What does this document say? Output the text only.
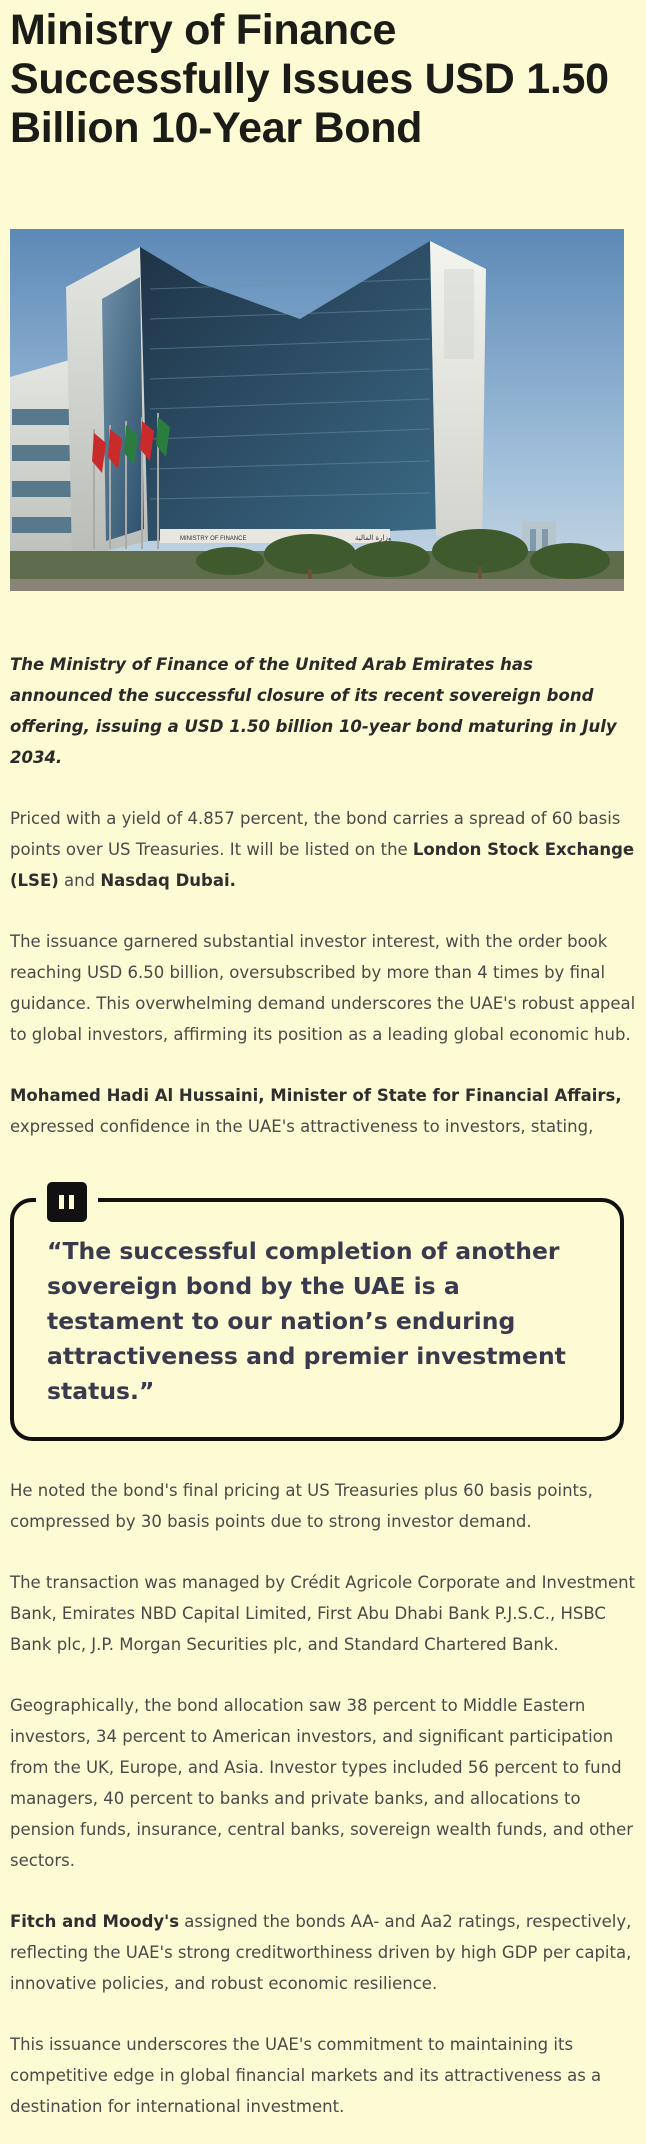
Ministry of Finance Successfully Issues USD 1.50 Billion 10-Year Bond
MINISTRY OF FINANCE	وزارة المالية

The Ministry of Finance of the United Arab Emirates has announced the successful closure of its recent sovereign bond offering, issuing a USD 1.50 billion 10-year bond maturing in July 2034.

Priced with a yield of 4.857 percent, the bond carries a spread of 60 basis points over US Treasuries. It will be listed on the London Stock Exchange (LSE) and Nasdaq Dubai.

The issuance garnered substantial investor interest, with the order book reaching USD 6.50 billion, oversubscribed by more than 4 times by final guidance. This overwhelming demand underscores the UAE's robust appeal to global investors, affirming its position as a leading global economic hub.

Mohamed Hadi Al Hussaini, Minister of State for Financial Affairs, expressed confidence in the UAE's attractiveness to investors, stating,

“The successful completion of another sovereign bond by the UAE is a testament to our nation’s enduring attractiveness and premier investment status.”

He noted the bond's final pricing at US Treasuries plus 60 basis points, compressed by 30 basis points due to strong investor demand.

The transaction was managed by Crédit Agricole Corporate and Investment Bank, Emirates NBD Capital Limited, First Abu Dhabi Bank P.J.S.C., HSBC Bank plc, J.P. Morgan Securities plc, and Standard Chartered Bank.

Geographically, the bond allocation saw 38 percent to Middle Eastern investors, 34 percent to American investors, and significant participation from the UK, Europe, and Asia. Investor types included 56 percent to fund managers, 40 percent to banks and private banks, and allocations to pension funds, insurance, central banks, sovereign wealth funds, and other sectors.

Fitch and Moody's assigned the bonds AA- and Aa2 ratings, respectively, reflecting the UAE's strong creditworthiness driven by high GDP per capita, innovative policies, and robust economic resilience.

This issuance underscores the UAE's commitment to maintaining its competitive edge in global financial markets and its attractiveness as a destination for international investment.
